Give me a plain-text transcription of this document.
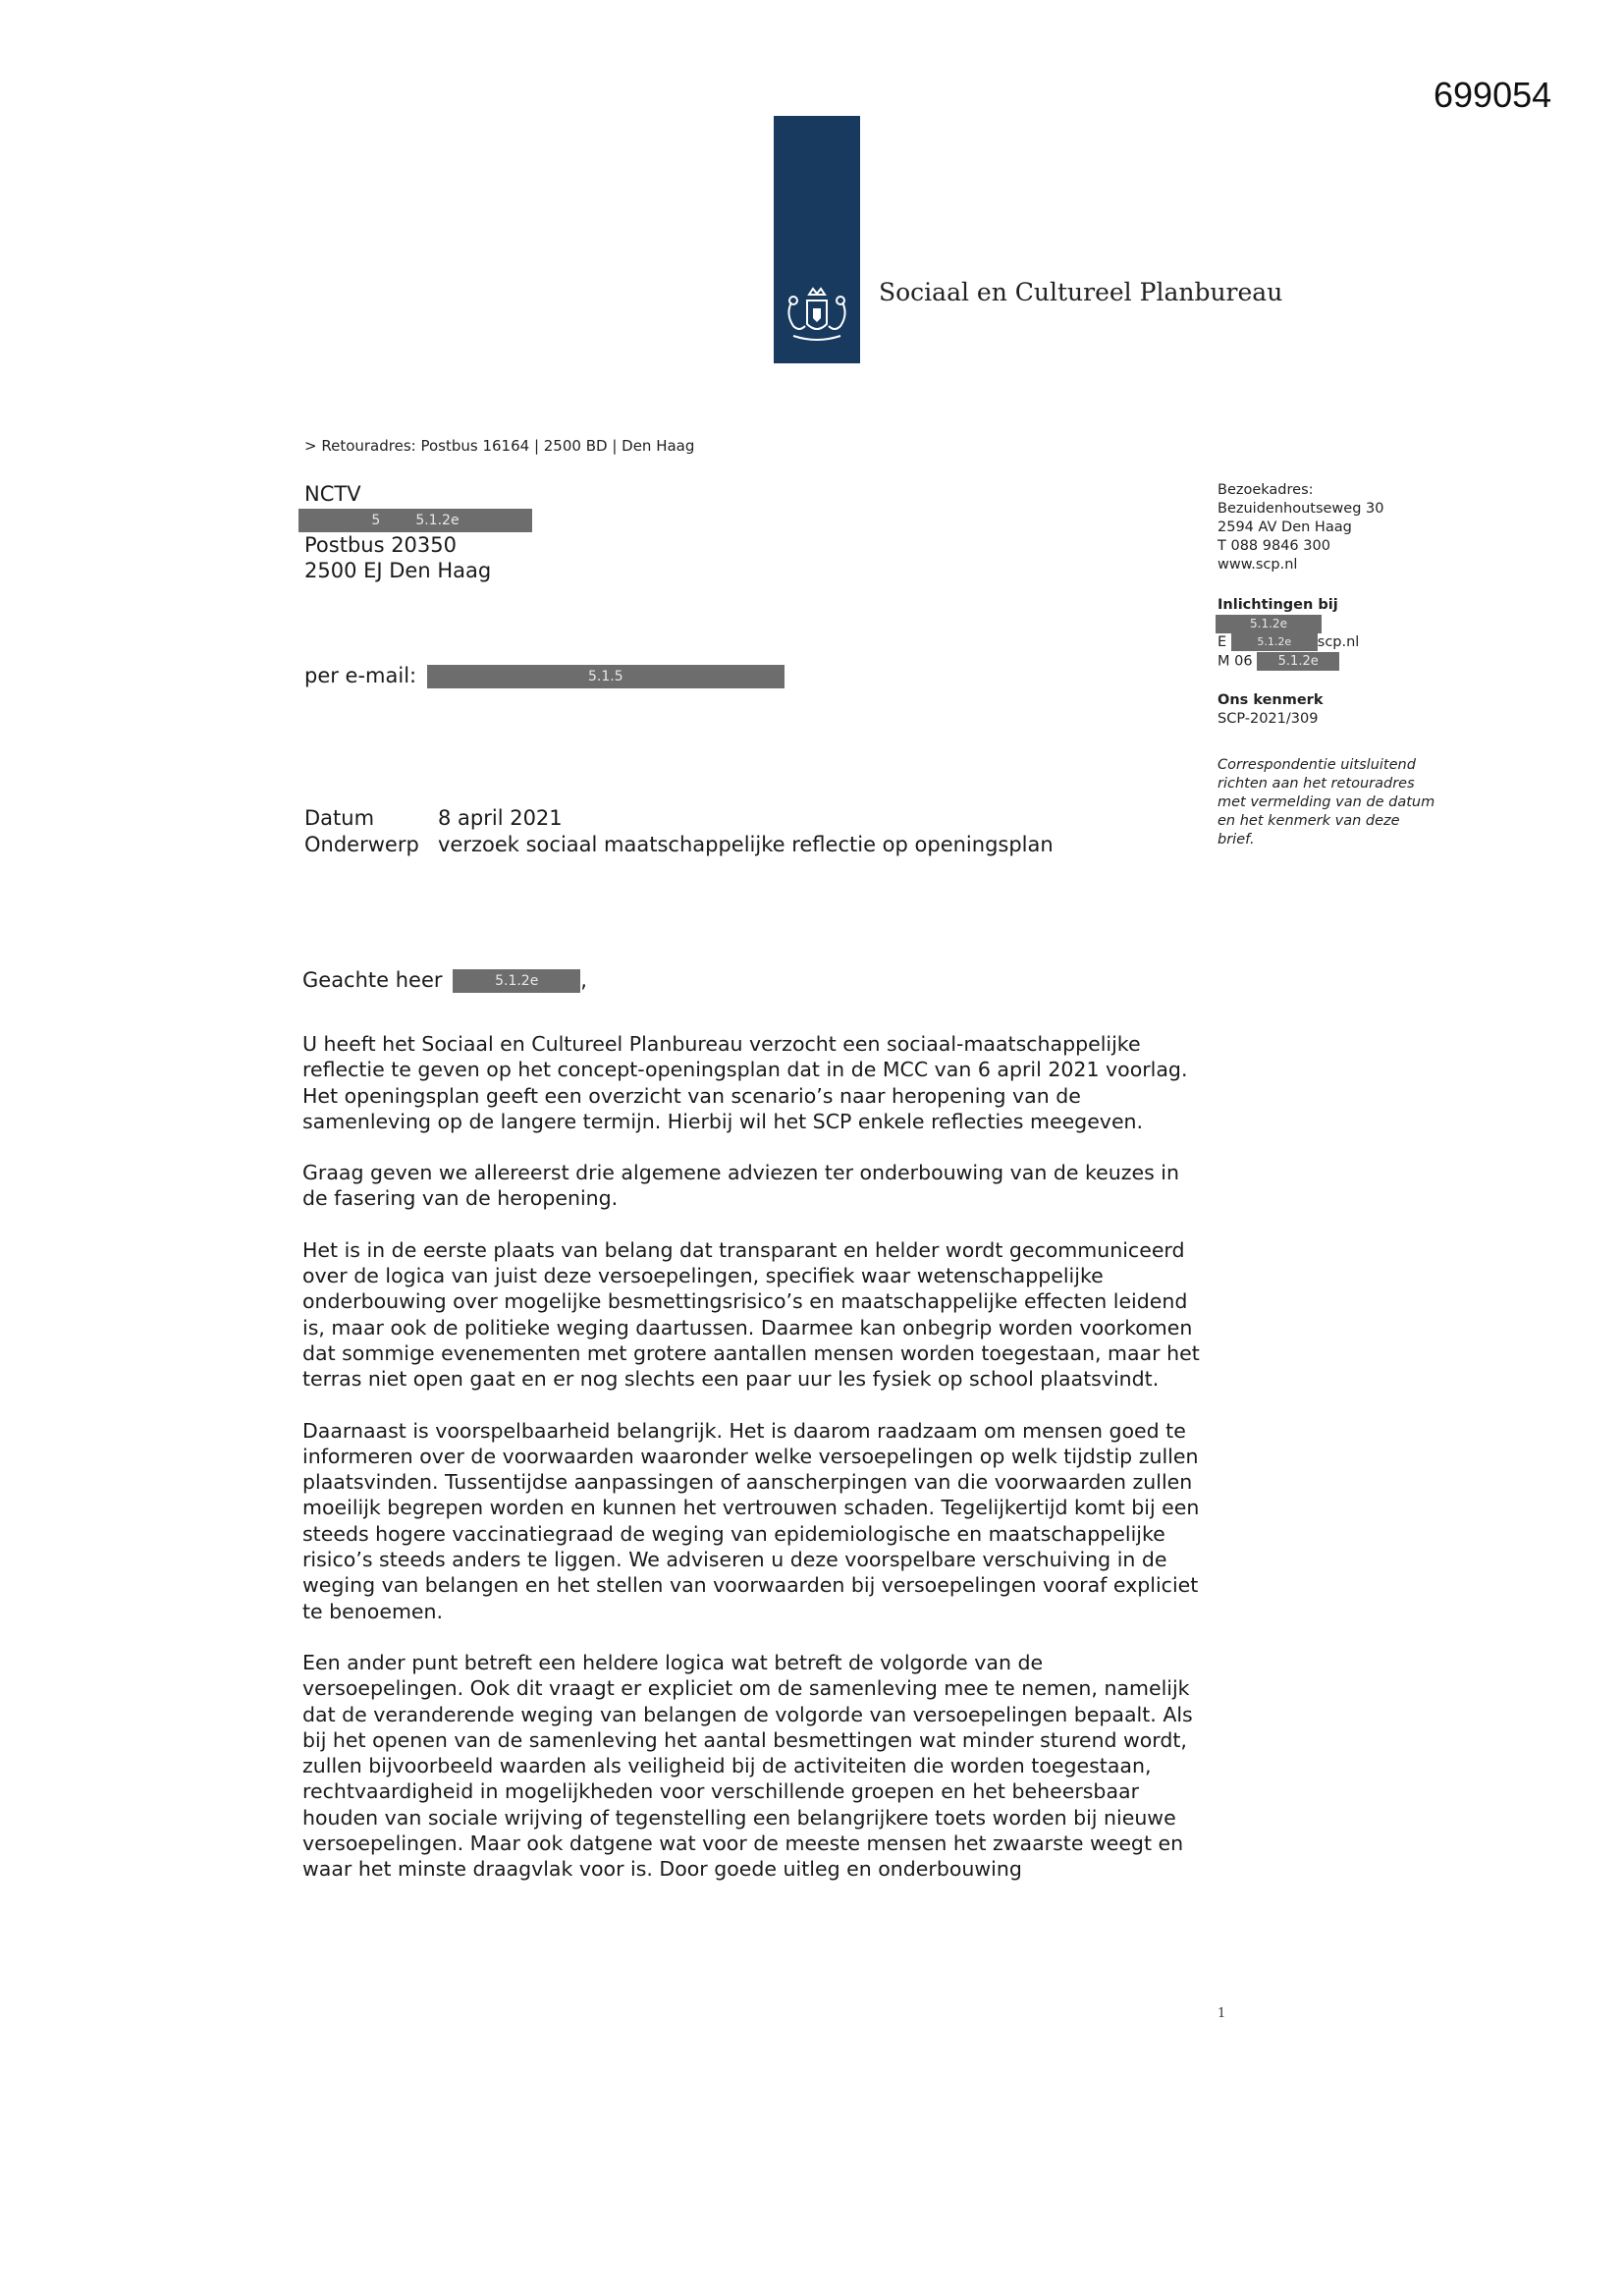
699054
Sociaal en Cultureel Planbureau
> Retouradres: Postbus 16164 | 2500 BD | Den Haag
NCTV
5	5.1.2e
Postbus 20350
2500 EJ Den Haag
per e-mail:	5.1.5
Bezoekadres:
Bezuidenhoutseweg 30
2594 AV Den Haag
T 088 9846 300
www.scp.nl
Inlichtingen bij
5.1.2e
E	5.1.2e scp.nl
M 06 5.1.2e
Ons kenmerk
SCP-2021/309
Correspondentie uitsluitend richten aan het retouradres met vermelding van de datum en het kenmerk van deze brief.
Datum	8 april 2021
Onderwerp verzoek sociaal maatschappelijke reflectie op openingsplan
Geachte heer	5.1.2e ,

U heeft het Sociaal en Cultureel Planbureau verzocht een sociaal-maatschappelijke reflectie te geven op het concept-openingsplan dat in de MCC van 6 april 2021 voorlag. Het openingsplan geeft een overzicht van scenario’s naar heropening van de samenleving op de langere termijn. Hierbij wil het SCP enkele reflecties meegeven.

Graag geven we allereerst drie algemene adviezen ter onderbouwing van de keuzes in de fasering van de heropening.

Het is in de eerste plaats van belang dat transparant en helder wordt gecommuniceerd over de logica van juist deze versoepelingen, specifiek waar wetenschappelijke onderbouwing over mogelijke besmettingsrisico’s en maatschappelijke effecten leidend is, maar ook de politieke weging daartussen. Daarmee kan onbegrip worden voorkomen dat sommige evenementen met grotere aantallen mensen worden toegestaan, maar het terras niet open gaat en er nog slechts een paar uur les fysiek op school plaatsvindt.

Daarnaast is voorspelbaarheid belangrijk. Het is daarom raadzaam om mensen goed te informeren over de voorwaarden waaronder welke versoepelingen op welk tijdstip zullen plaatsvinden. Tussentijdse aanpassingen of aanscherpingen van die voorwaarden zullen moeilijk begrepen worden en kunnen het vertrouwen schaden. Tegelijkertijd komt bij een steeds hogere vaccinatiegraad de weging van epidemiologische en maatschappelijke risico’s steeds anders te liggen. We adviseren u deze voorspelbare verschuiving in de weging van belangen en het stellen van voorwaarden bij versoepelingen vooraf expliciet te benoemen.

Een ander punt betreft een heldere logica wat betreft de volgorde van de versoepelingen. Ook dit vraagt er expliciet om de samenleving mee te nemen, namelijk dat de veranderende weging van belangen de volgorde van versoepelingen bepaalt. Als bij het openen van de samenleving het aantal besmettingen wat minder sturend wordt, zullen bijvoorbeeld waarden als veiligheid bij de activiteiten die worden toegestaan, rechtvaardigheid in mogelijkheden voor verschillende groepen en het beheersbaar houden van sociale wrijving of tegenstelling een belangrijkere toets worden bij nieuwe versoepelingen. Maar ook datgene wat voor de meeste mensen het zwaarste weegt en waar het minste draagvlak voor is. Door goede uitleg en onderbouwing

1
